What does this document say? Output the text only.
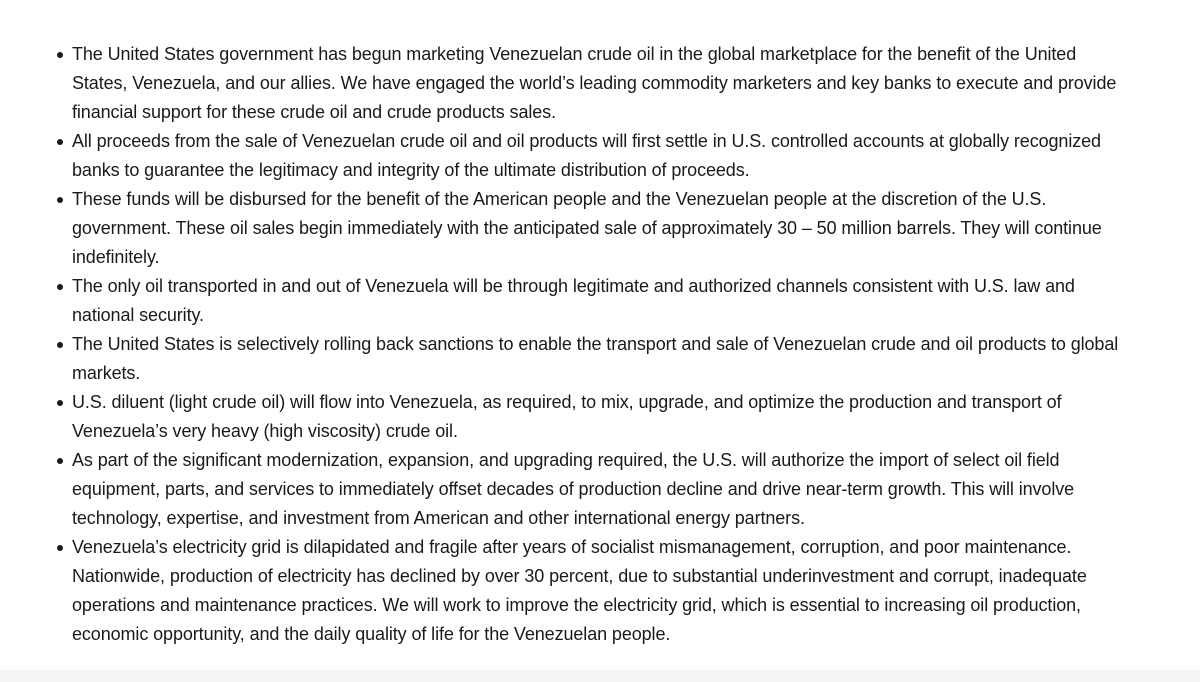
The United States government has begun marketing Venezuelan crude oil in the global marketplace for the benefit of the United States, Venezuela, and our allies. We have engaged the world’s leading commodity marketers and key banks to execute and provide financial support for these crude oil and crude products sales.
All proceeds from the sale of Venezuelan crude oil and oil products will first settle in U.S. controlled accounts at globally recognized banks to guarantee the legitimacy and integrity of the ultimate distribution of proceeds.
These funds will be disbursed for the benefit of the American people and the Venezuelan people at the discretion of the U.S. government. These oil sales begin immediately with the anticipated sale of approximately 30 – 50 million barrels. They will continue indefinitely.
The only oil transported in and out of Venezuela will be through legitimate and authorized channels consistent with U.S. law and national security.
The United States is selectively rolling back sanctions to enable the transport and sale of Venezuelan crude and oil products to global markets.
U.S. diluent (light crude oil) will flow into Venezuela, as required, to mix, upgrade, and optimize the production and transport of Venezuela’s very heavy (high viscosity) crude oil.
As part of the significant modernization, expansion, and upgrading required, the U.S. will authorize the import of select oil field equipment, parts, and services to immediately offset decades of production decline and drive near-term growth. This will involve technology, expertise, and investment from American and other international energy partners.
Venezuela’s electricity grid is dilapidated and fragile after years of socialist mismanagement, corruption, and poor maintenance. Nationwide, production of electricity has declined by over 30 percent, due to substantial underinvestment and corrupt, inadequate operations and maintenance practices. We will work to improve the electricity grid, which is essential to increasing oil production, economic opportunity, and the daily quality of life for the Venezuelan people.
